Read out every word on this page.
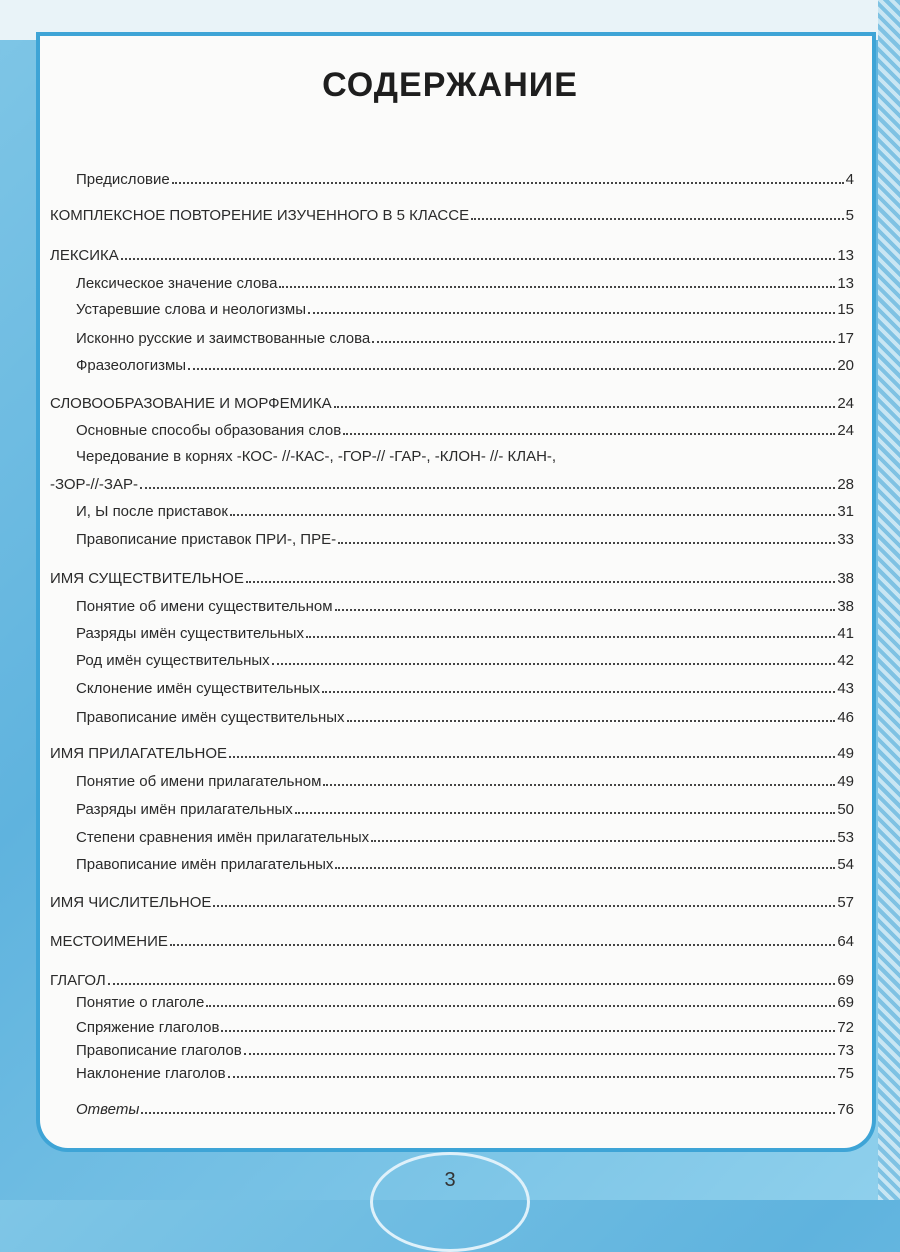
СОДЕРЖАНИЕ
Предисловие	4
КОМПЛЕКСНОЕ ПОВТОРЕНИЕ ИЗУЧЕННОГО В 5 КЛАССЕ	5
ЛЕКСИКА	13
Лексическое значение слова	13
Устаревшие слова и неологизмы	15
Исконно русские и заимствованные слова	17
Фразеологизмы	20
СЛОВООБРАЗОВАНИЕ И МОРФЕМИКА	24
Основные способы образования слов	24
Чередование в корнях -КОС- //-КАС-, -ГОР-// -ГАР-, -КЛОН- //- КЛАН-,
-ЗОР-//-ЗАР-	28
И, Ы после приставок	31
Правописание приставок ПРИ-, ПРЕ-	33
ИМЯ СУЩЕСТВИТЕЛЬНОЕ	38
Понятие об имени существительном	38
Разряды имён существительных	41
Род имён существительных	42
Склонение имён существительных	43
Правописание имён существительных	46
ИМЯ ПРИЛАГАТЕЛЬНОЕ	49
Понятие об имени прилагательном	49
Разряды имён прилагательных	50
Степени сравнения имён прилагательных	53
Правописание имён прилагательных	54
ИМЯ ЧИСЛИТЕЛЬНОЕ	57
МЕСТОИМЕНИЕ	64
ГЛАГОЛ	69
Понятие о глаголе	69
Спряжение глаголов	72
Правописание глаголов	73
Наклонение глаголов	75
Ответы	76
3
